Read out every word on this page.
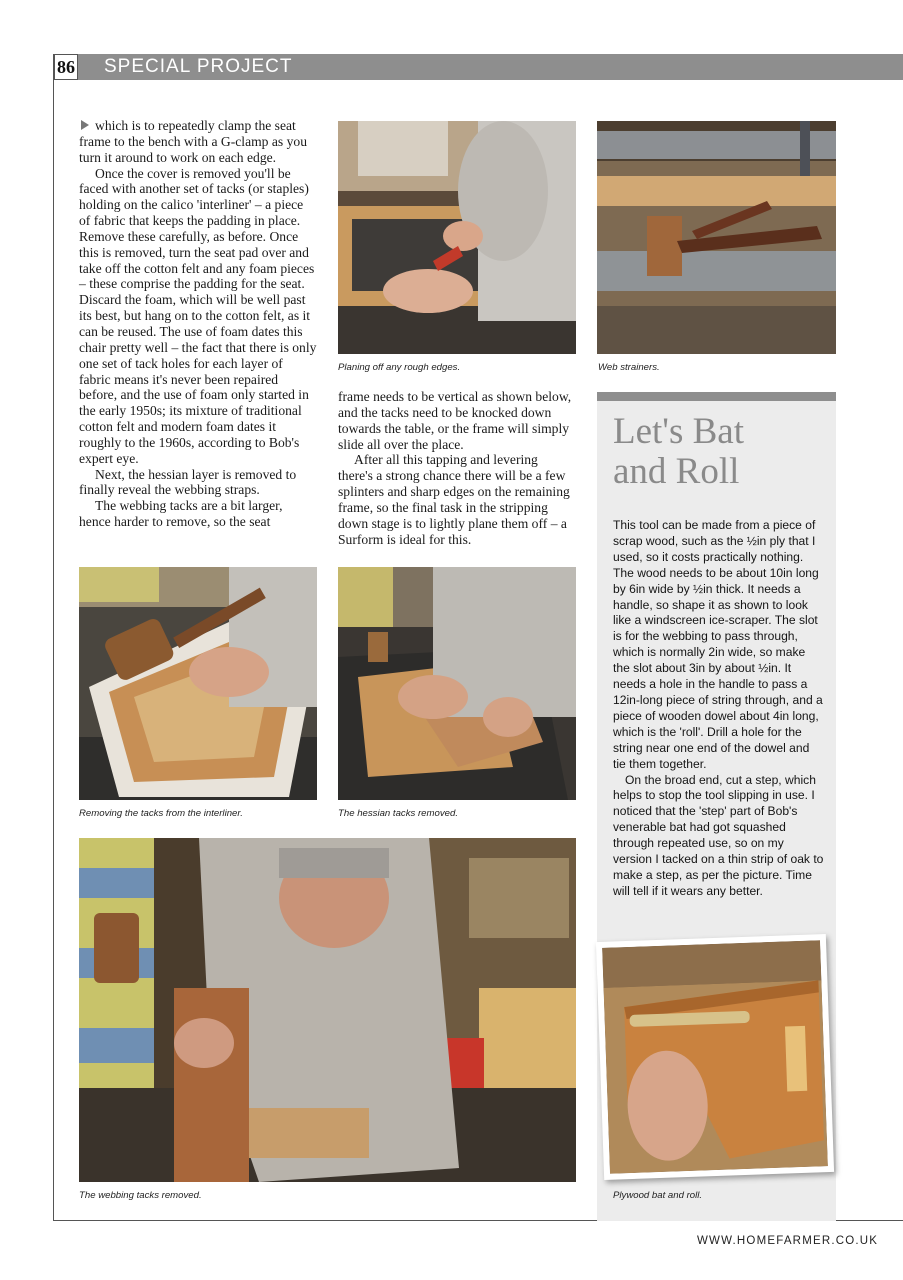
86 SPECIAL PROJECT

which is to repeatedly clamp the seat frame to the bench with a G-clamp as you turn it around to work on each edge.

Once the cover is removed you'll be faced with another set of tacks (or staples) holding on the calico 'interliner' – a piece of fabric that keeps the padding in place. Remove these carefully, as before. Once this is removed, turn the seat pad over and take off the cotton felt and any foam pieces – these comprise the padding for the seat. Discard the foam, which will be well past its best, but hang on to the cotton felt, as it can be reused. The use of foam dates this chair pretty well – the fact that there is only one set of tack holes for each layer of fabric means it's never been repaired before, and the use of foam only started in the early 1950s; its mixture of traditional cotton felt and modern foam dates it roughly to the 1960s, according to Bob's expert eye.

Next, the hessian layer is removed to finally reveal the webbing straps.

The webbing tacks are a bit larger, hence harder to remove, so the seat

frame needs to be vertical as shown below, and the tacks need to be knocked down towards the table, or the frame will simply slide all over the place.

After all this tapping and levering there's a strong chance there will be a few splinters and sharp edges on the remaining frame, so the final task in the stripping down stage is to lightly plane them off – a Surform is ideal for this.

Planing off any rough edges.	Web strainers.
Removing the tacks from the interliner.	The hessian tacks removed.
The webbing tacks removed.
Let's Bat
and Roll

This tool can be made from a piece of scrap wood, such as the ½in ply that I used, so it costs practically nothing. The wood needs to be about 10in long by 6in wide by ½in thick. It needs a handle, so shape it as shown to look like a windscreen ice-scraper. The slot is for the webbing to pass through, which is normally 2in wide, so make the slot about 3in by about ½in. It needs a hole in the handle to pass a 12in-long piece of string through, and a piece of wooden dowel about 4in long, which is the 'roll'. Drill a hole for the string near one end of the dowel and tie them together.

On the broad end, cut a step, which helps to stop the tool slipping in use. I noticed that the 'step' part of Bob's venerable bat had got squashed through repeated use, so on my version I tacked on a thin strip of oak to make a step, as per the picture. Time will tell if it wears any better.

Plywood bat and roll.
WWW.HOMEFARMER.CO.UK
